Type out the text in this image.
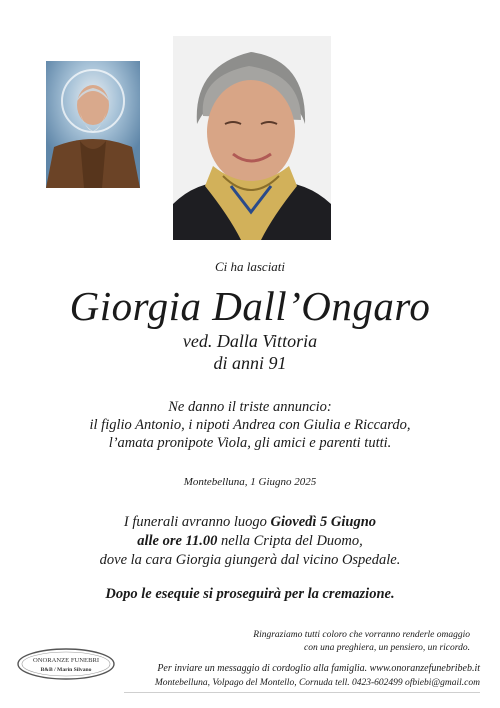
Ci ha lasciati
Giorgia Dall’Ongaro
ved. Dalla Vittoria
di anni 91
Ne danno il triste annuncio:
il figlio Antonio, i nipoti Andrea con Giulia e Riccardo,
l’amata pronipote Viola, gli amici e parenti tutti.
Montebelluna, 1 Giugno 2025
I funerali avranno luogo Giovedì 5 Giugno
alle ore 11.00 nella Cripta del Duomo,
dove la cara Giorgia giungerà dal vicino Ospedale.
Dopo le esequie si proseguirà per la cremazione.
Ringraziamo tutti coloro che vorranno renderle omaggio
con una preghiera, un pensiero, un ricordo.
ONORANZE FUNEBRI
B&B / Marin Silvano	Per inviare un messaggio di cordoglio alla famiglia. www.onoranzefunebribeb.it
Montebelluna, Volpago del Montello, Cornuda tell. 0423-602499 ofbiebi@gmail.com
